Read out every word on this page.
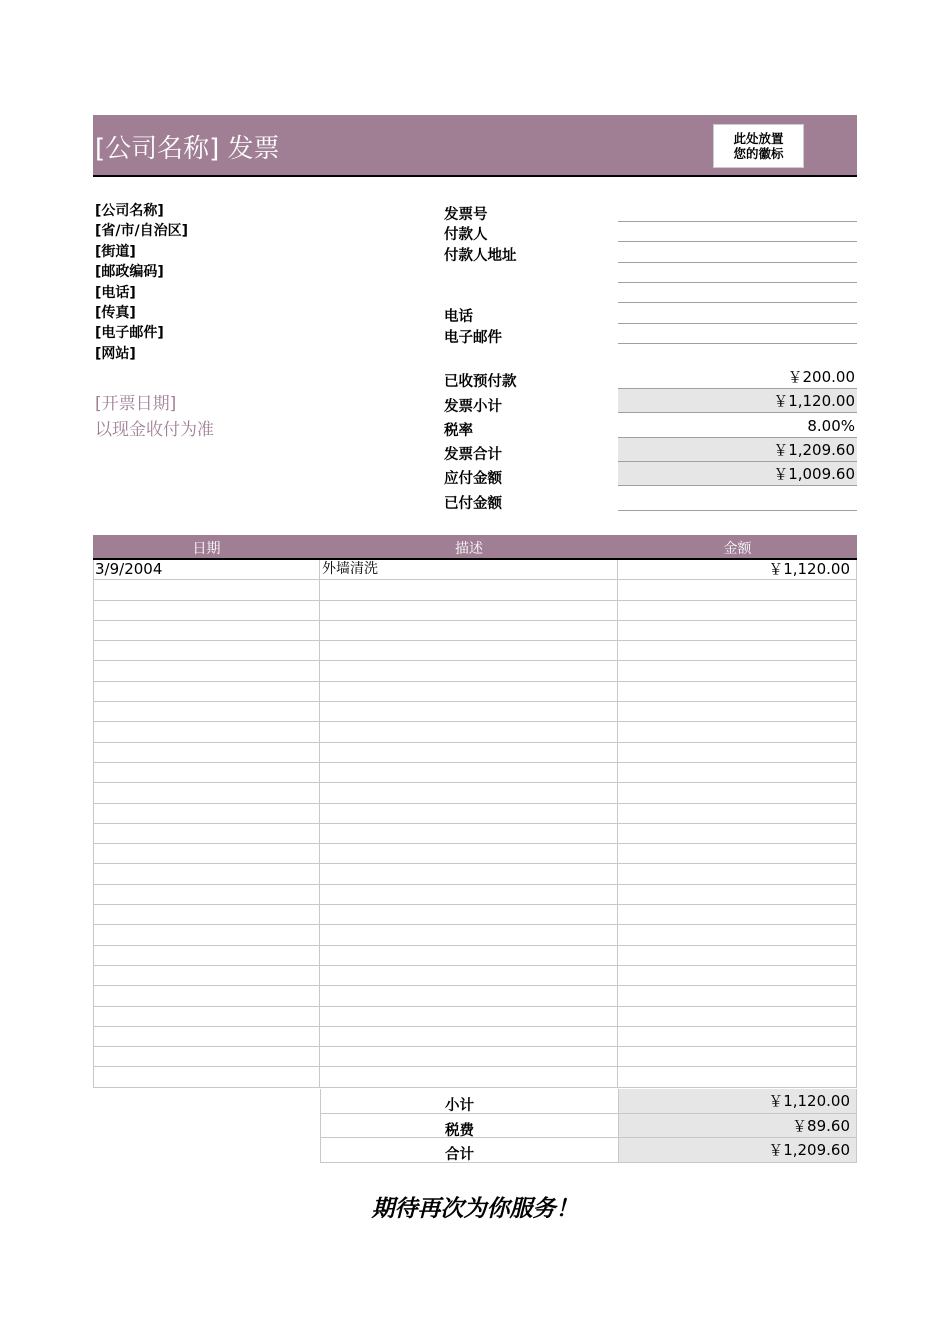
[公司名称] 发票	此处放置
您的徽标
[公司名称]
[省/市/自治区]
[街道]
[邮政编码]
[电话]
[传真]
[电子邮件]
[网站]
[开票日期]
以现金收付为准
发票号
付款人
付款人地址
电话
电子邮件
已收预付款	￥200.00
发票小计	￥1,120.00
税率	8.00%
发票合计	￥1,209.60
应付金额	￥1,009.60
已付金额
日期	描述	金额
3/9/2004	外墙清洗	￥1,120.00
小计	￥1,120.00
税费	￥89.60
合计	￥1,209.60
期待再次为你服务！
